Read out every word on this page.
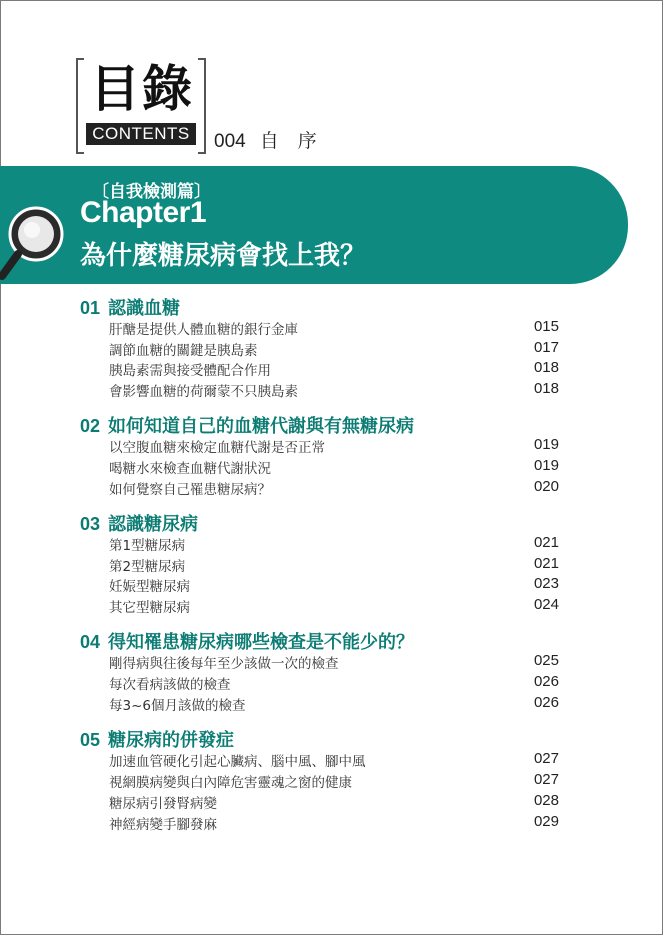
目錄
CONTENTS	004 自　序
〔自我檢測篇〕
Chapter1
為什麼糖尿病會找上我？
01 認識血糖
肝醣是提供人體血糖的銀行金庫	015
調節血糖的關鍵是胰島素	017
胰島素需與接受體配合作用	018
會影響血糖的荷爾蒙不只胰島素	018
02 如何知道自己的血糖代謝與有無糖尿病
以空腹血糖來檢定血糖代謝是否正常	019
喝糖水來檢查血糖代謝狀況	019
如何覺察自己罹患糖尿病？	020
03 認識糖尿病
第1型糖尿病	021
第2型糖尿病	021
妊娠型糖尿病	023
其它型糖尿病	024
04 得知罹患糖尿病哪些檢查是不能少的？
剛得病與往後每年至少該做一次的檢查	025
每次看病該做的檢查	026
每3~6個月該做的檢查	026
05 糖尿病的併發症
加速血管硬化引起心臟病、腦中風、腳中風	027
視網膜病變與白內障危害靈魂之窗的健康	027
糖尿病引發腎病變	028
神經病變手腳發麻	029
